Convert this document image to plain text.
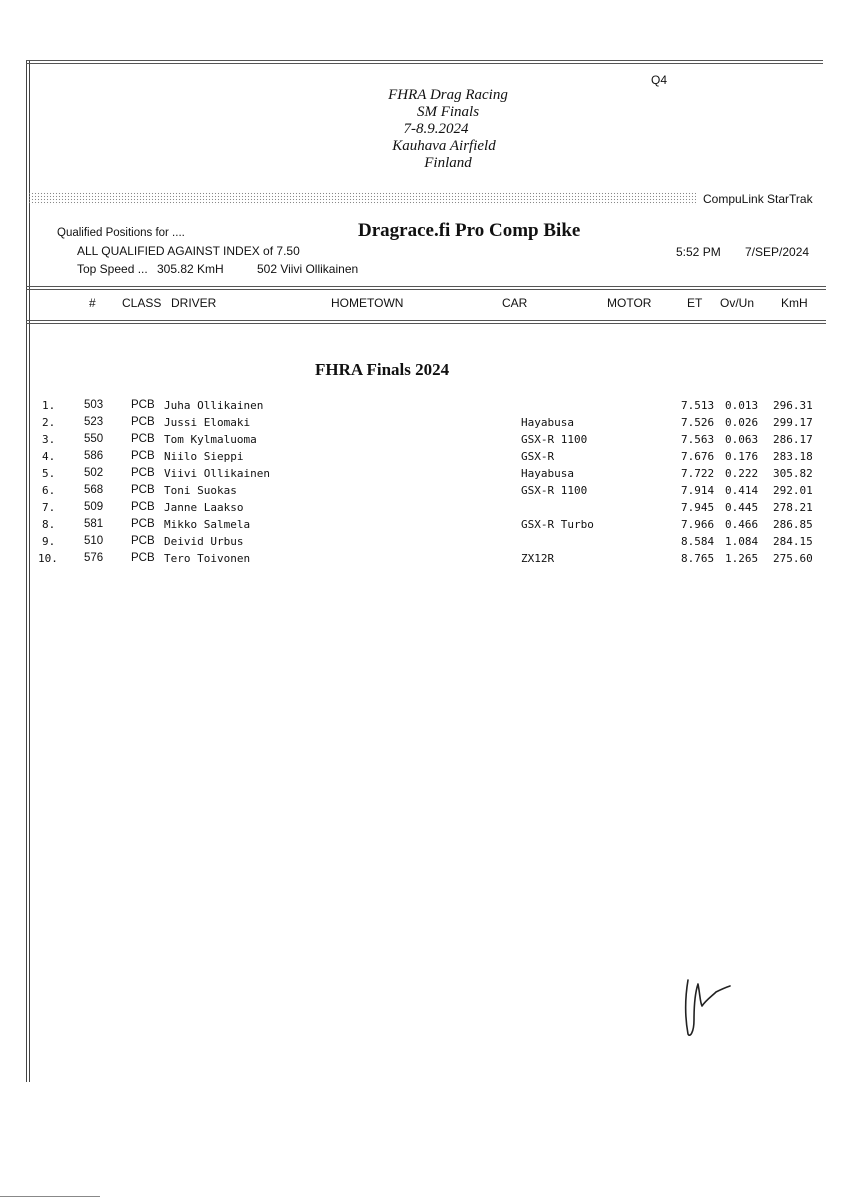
Q4
FHRA Drag Racing
SM Finals
7-8.9.2024
Kauhava Airfield
Finland
CompuLink StarTrak
Qualified Positions for ....	Dragrace.fi Pro Comp Bike
ALL QUALIFIED AGAINST INDEX of 7.50	5:52 PM 7/SEP/2024
Top Speed ... 305.82 KmH	502 Viivi Ollikainen
# CLASS DRIVER	HOMETOWN	CAR	MOTOR	ET Ov/Un KmH
FHRA Finals 2024
1.	503 PCB Juha Ollikainen	7.513 0.013 296.31
2.	523 PCB Jussi Elomaki	Hayabusa	7.526 0.026 299.17
3.	550 PCB Tom Kylmaluoma	GSX-R 1100	7.563 0.063 286.17
4.	586 PCB Niilo Sieppi	GSX-R	7.676 0.176 283.18
5.	502 PCB Viivi Ollikainen	Hayabusa	7.722 0.222 305.82
6.	568 PCB Toni Suokas	GSX-R 1100	7.914 0.414 292.01
7.	509 PCB Janne Laakso	7.945 0.445 278.21
8.	581 PCB Mikko Salmela	GSX-R Turbo	7.966 0.466 286.85
9.	510 PCB Deivid Urbus	8.584 1.084 284.15
10. 576 PCB Tero Toivonen	ZX12R	8.765 1.265 275.60
